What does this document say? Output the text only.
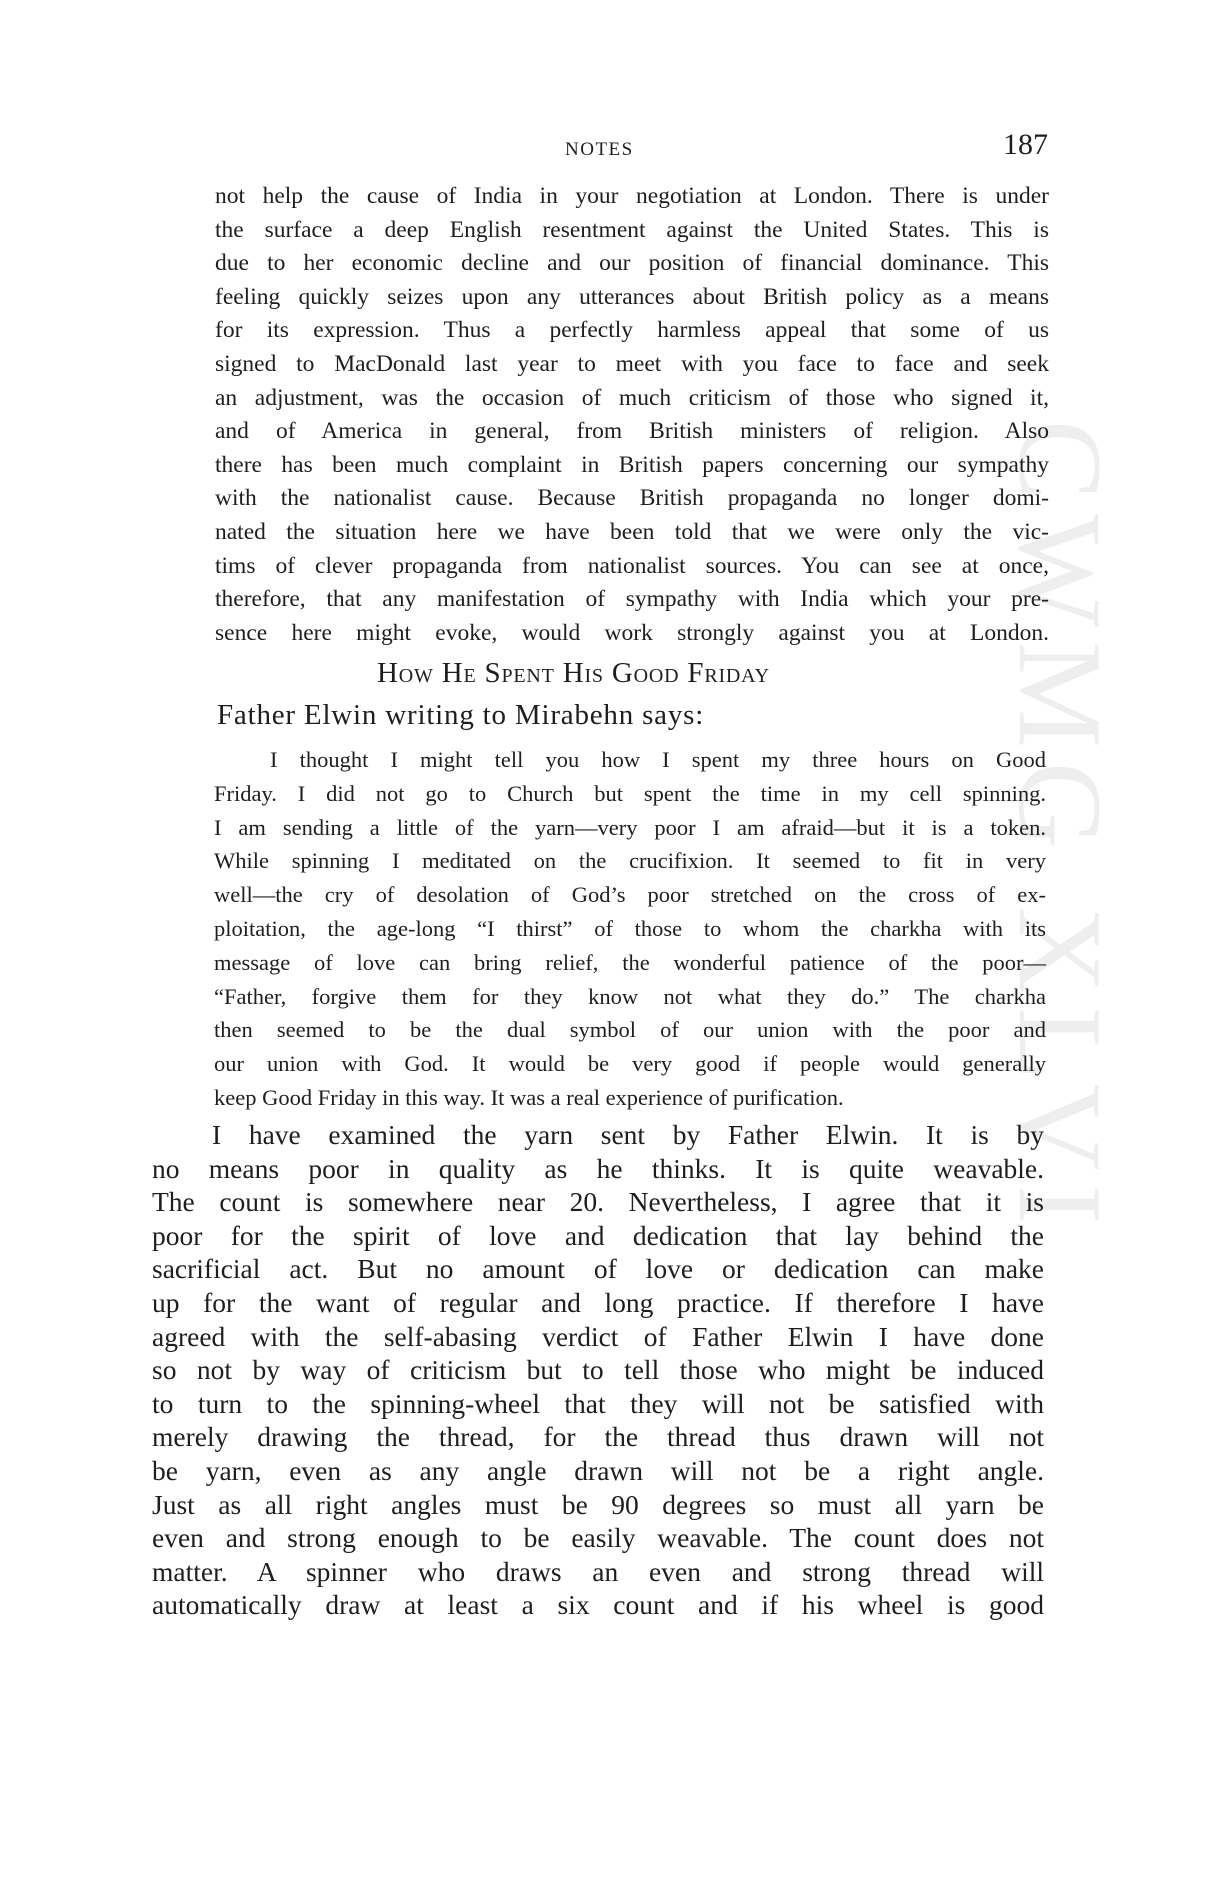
CWMG XLVI
NOTES	187
not help the cause of India in your negotiation at London. There is under
the surface a deep English resentment against the United States. This is
due to her economic decline and our position of financial dominance. This
feeling quickly seizes upon any utterances about British policy as a means
for its expression. Thus a perfectly harmless appeal that some of us
signed to MacDonald last year to meet with you face to face and seek
an adjustment, was the occasion of much criticism of those who signed it,
and of America in general, from British ministers of religion. Also
there has been much complaint in British papers concerning our sympathy
with the nationalist cause. Because British propaganda no longer domi-
nated the situation here we have been told that we were only the vic-
tims of clever propaganda from nationalist sources. You can see at once,
therefore, that any manifestation of sympathy with India which your pre-
sence here might evoke, would work strongly against you at London.
How He Spent His Good Friday
Father Elwin writing to Mirabehn says:
I thought I might tell you how I spent my three hours on Good
Friday. I did not go to Church but spent the time in my cell spinning.
I am sending a little of the yarn—very poor I am afraid—but it is a token.
While spinning I meditated on the crucifixion. It seemed to fit in very
well—the cry of desolation of God’s poor stretched on the cross of ex-
ploitation, the age-long “I thirst” of those to whom the charkha with its
message of love can bring relief, the wonderful patience of the poor—
“Father, forgive them for they know not what they do.” The charkha
then seemed to be the dual symbol of our union with the poor and
our union with God. It would be very good if people would generally
keep Good Friday in this way. It was a real experience of purification.
I have examined the yarn sent by Father Elwin. It is by
no means poor in quality as he thinks. It is quite weavable.
The count is somewhere near 20. Nevertheless, I agree that it is
poor for the spirit of love and dedication that lay behind the
sacrificial act. But no amount of love or dedication can make
up for the want of regular and long practice. If therefore I have
agreed with the self-abasing verdict of Father Elwin I have done
so not by way of criticism but to tell those who might be induced
to turn to the spinning-wheel that they will not be satisfied with
merely drawing the thread, for the thread thus drawn will not
be yarn, even as any angle drawn will not be a right angle.
Just as all right angles must be 90 degrees so must all yarn be
even and strong enough to be easily weavable. The count does not
matter. A spinner who draws an even and strong thread will
automatically draw at least a six count and if his wheel is good
